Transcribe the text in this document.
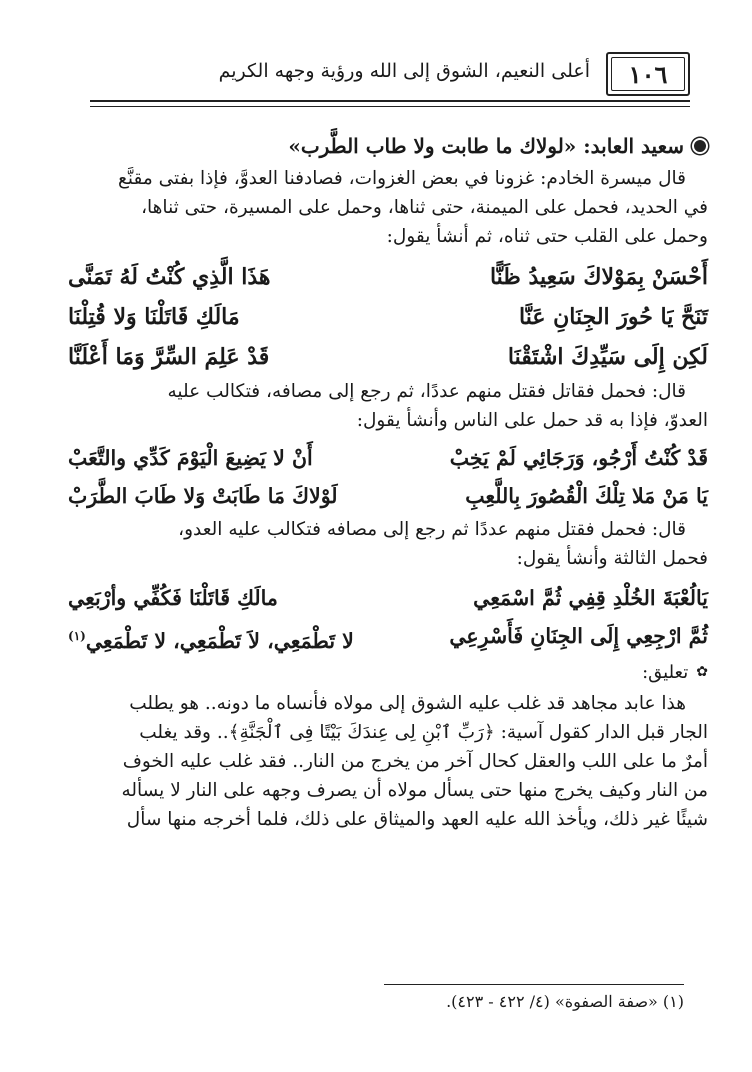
١٠٦
أعلى النعيم، الشوق إلى الله ورؤية وجهه الكريم
سعيد العابد: «لولاك ما طابت ولا طاب الطَّرب»
قال ميسرة الخادم: غزونا في بعض الغزوات، فصادفنا العدوَّ، فإذا بفتى مقنَّع
في الحديد، فحمل على الميمنة، حتى ثناها، وحمل على المسيرة، حتى ثناها،
وحمل على القلب حتى ثناه، ثم أنشأ يقول:
أَحْسَنْ بِمَوْلاكَ سَعِيدُ ظَنًّا
هَذَا الَّذِي كُنْتُ لَهُ تَمَنَّى
تَنَحَّ يَا حُورَ الجِنَانِ عَنَّا
مَالَكِ قَاتَلْنَا وَلا قُتِلْنَا
لَكِن إِلَى سَيِّدِكَ اشْتَقْنَا
قَدْ عَلِمَ السِّرَّ وَمَا أَعْلَنَّا
قال: فحمل فقاتل فقتل منهم عددًا، ثم رجع إلى مصافه، فتكالب عليه
العدوّ، فإذا به قد حمل على الناس وأنشأ يقول:
قَدْ كُنْتُ أَرْجُو، وَرَجَائِي لَمْ يَخِبْ
أَنْ لا يَضِيعَ الْيَوْمَ كَدِّي والتَّعَبْ
يَا مَنْ مَلا تِلْكَ الْقُصُورَ بِاللَّعِبِ
لَوْلاكَ مَا طَابَتْ وَلا طَابَ الطَّرَبْ
قال: فحمل فقتل منهم عددًا ثم رجع إلى مصافه فتكالب عليه العدو،
فحمل الثالثة وأنشأ يقول:
يَالُعْبَةَ الخُلْدِ قِفِي ثُمَّ اسْمَعِي
مالَكِ قَاتَلْنَا فَكُفِّي وأرْبَعِي
ثُمَّ ارْجِعِي إِلَى الجِنَانِ فَأَسْرِعِي
لا تَطْمَعِي، لاَ تَطْمَعِي، لا تَطْمَعِي$^{(١)}$
✿
تعليق:
هذا عابد مجاهد قد غلب عليه الشوق إلى مولاه فأنساه ما دونه.. هو يطلب
الجار قبل الدار كقول آسية: ﴿رَبِّ ٱبْنِ لِى عِندَكَ بَيْتًا فِى ٱلْجَنَّةِ﴾.. وقد يغلب
أمرٌ ما على اللب والعقل كحال آخر من يخرج من النار.. فقد غلب عليه الخوف
من النار وكيف يخرج منها حتى يسأل مولاه أن يصرف وجهه على النار لا يسأله
شيئًا غير ذلك، ويأخذ الله عليه العهد والميثاق على ذلك، فلما أخرجه منها سأل
(١) «صفة الصفوة» (٤/ ٤٢٢ - ٤٢٣).
